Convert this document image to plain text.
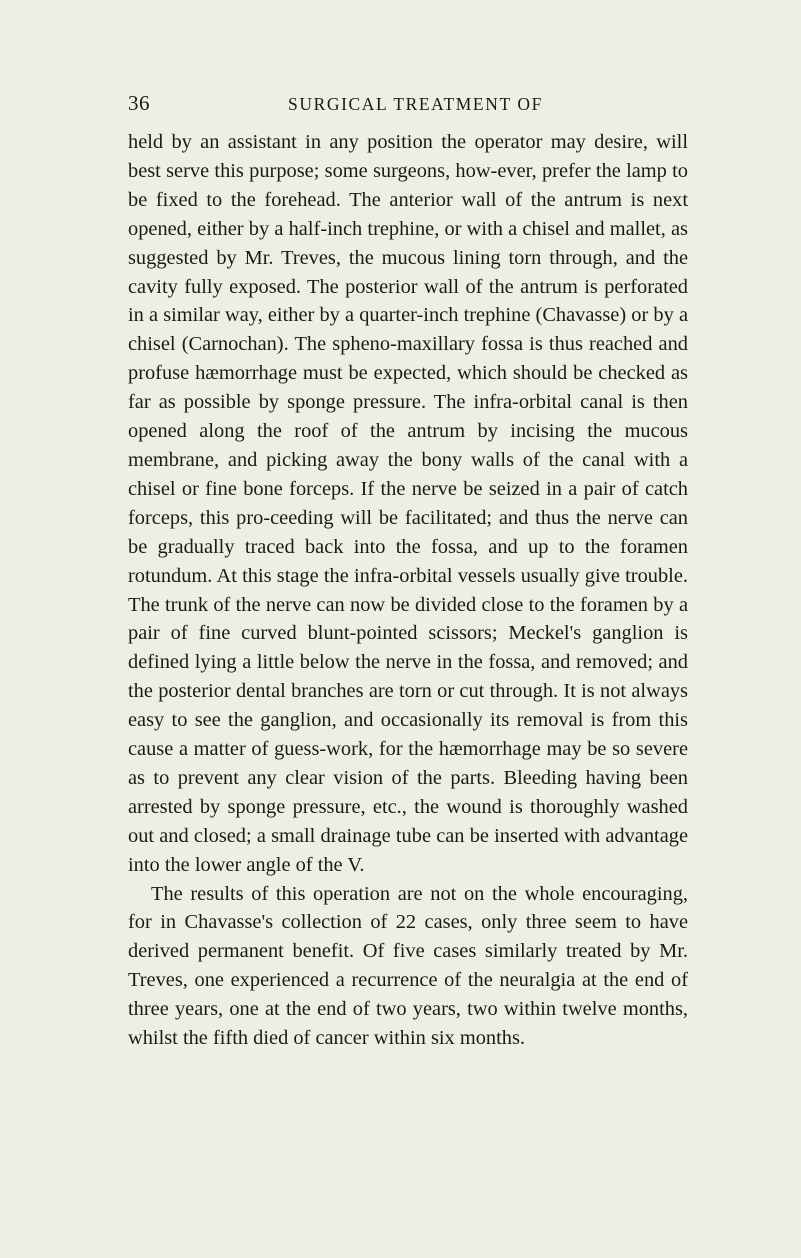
36	SURGICAL TREATMENT OF

held by an assistant in any position the operator may desire, will best serve this purpose; some surgeons, how-ever, prefer the lamp to be fixed to the forehead. The anterior wall of the antrum is next opened, either by a half-inch trephine, or with a chisel and mallet, as suggested by Mr. Treves, the mucous lining torn through, and the cavity fully exposed. The posterior wall of the antrum is perforated in a similar way, either by a quarter-inch trephine (Chavasse) or by a chisel (Carnochan). The spheno-maxillary fossa is thus reached and profuse hæmorrhage must be expected, which should be checked as far as possible by sponge pressure. The infra-orbital canal is then opened along the roof of the antrum by incising the mucous membrane, and picking away the bony walls of the canal with a chisel or fine bone forceps. If the nerve be seized in a pair of catch forceps, this pro-ceeding will be facilitated; and thus the nerve can be gradually traced back into the fossa, and up to the foramen rotundum. At this stage the infra-orbital vessels usually give trouble. The trunk of the nerve can now be divided close to the foramen by a pair of fine curved blunt-pointed scissors; Meckel's ganglion is defined lying a little below the nerve in the fossa, and removed; and the posterior dental branches are torn or cut through. It is not always easy to see the ganglion, and occasionally its removal is from this cause a matter of guess-work, for the hæmorrhage may be so severe as to prevent any clear vision of the parts. Bleeding having been arrested by sponge pressure, etc., the wound is thoroughly washed out and closed; a small drainage tube can be inserted with advantage into the lower angle of the V.

The results of this operation are not on the whole encouraging, for in Chavasse's collection of 22 cases, only three seem to have derived permanent benefit. Of five cases similarly treated by Mr. Treves, one experienced a recurrence of the neuralgia at the end of three years, one at the end of two years, two within twelve months, whilst the fifth died of cancer within six months.
